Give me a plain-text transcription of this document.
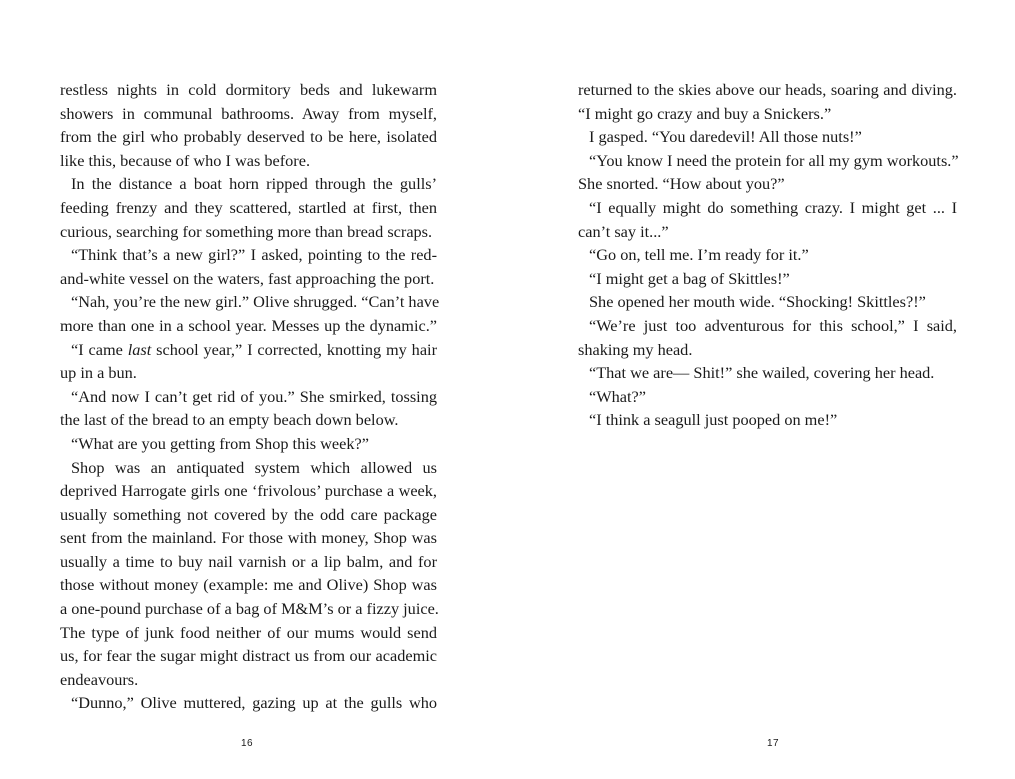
restless nights in cold dormitory beds and lukewarm
showers in communal bathrooms. Away from myself,
from the girl who probably deserved to be here, isolated
like this, because of who I was before.
In the distance a boat horn ripped through the gulls’
feeding frenzy and they scattered, startled at first, then
curious, searching for something more than bread scraps.
“Think that’s a new girl?” I asked, pointing to the red-
and-white vessel on the waters, fast approaching the port.
“Nah, you’re the new girl.” Olive shrugged. “Can’t have
more than one in a school year. Messes up the dynamic.”
“I came last school year,” I corrected, knotting my hair
up in a bun.
“And now I can’t get rid of you.” She smirked, tossing
the last of the bread to an empty beach down below.
“What are you getting from Shop this week?”
Shop was an antiquated system which allowed us
deprived Harrogate girls one ‘frivolous’ purchase a week,
usually something not covered by the odd care package
sent from the mainland. For those with money, Shop was
usually a time to buy nail varnish or a lip balm, and for
those without money (example: me and Olive) Shop was
a one-pound purchase of a bag of M&M’s or a fizzy juice.
The type of junk food neither of our mums would send
us, for fear the sugar might distract us from our academic
endeavours.
“Dunno,” Olive muttered, gazing up at the gulls who
16
returned to the skies above our heads, soaring and diving.
“I might go crazy and buy a Snickers.”
I gasped. “You daredevil! All those nuts!”
“You know I need the protein for all my gym workouts.”
She snorted. “How about you?”
“I equally might do something crazy. I might get ... I
can’t say it...”
“Go on, tell me. I’m ready for it.”
“I might get a bag of Skittles!”
She opened her mouth wide. “Shocking! Skittles?!”
“We’re just too adventurous for this school,” I said,
shaking my head.
“That we are— Shit!” she wailed, covering her head.
“What?”
“I think a seagull just pooped on me!”
17
